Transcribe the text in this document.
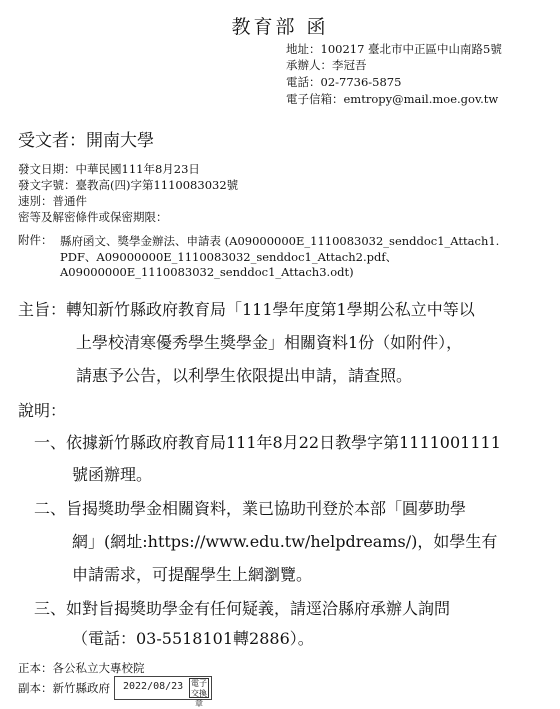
教育部 函
地址：100217 臺北市中正區中山南路5號
承辦人：李冠吾
電話：02-7736-5875
電子信箱：emtropy@mail.moe.gov.tw
受文者：開南大學
發文日期：中華民國111年8月23日
發文字號：臺教高(四)字第1110083032號
速別：普通件
密等及解密條件或保密期限：
附件： 縣府函文、獎學金辦法、申請表 (A09000000E_1110083032_senddoc1_Attach1.
PDF、A09000000E_1110083032_senddoc1_Attach2.pdf、
A09000000E_1110083032_senddoc1_Attach3.odt)
主旨：轉知新竹縣政府教育局「111學年度第1學期公私立中等以
上學校清寒優秀學生獎學金」相關資料1份（如附件），
請惠予公告，以利學生依限提出申請，請查照。
說明：
一、依據新竹縣政府教育局111年8月22日教學字第1111001111
號函辦理。
二、旨揭獎助學金相關資料，業已協助刊登於本部「圓夢助學
網」(網址:https://www.edu.tw/helpdreams/)，如學生有
申請需求，可提醒學生上網瀏覽。
三、如對旨揭獎助學金有任何疑義，請逕洽縣府承辦人詢問
（電話：03-5518101轉2886）。
正本：各公私立大專校院
副本：新竹縣政府 2022/08/23 電子交換章
